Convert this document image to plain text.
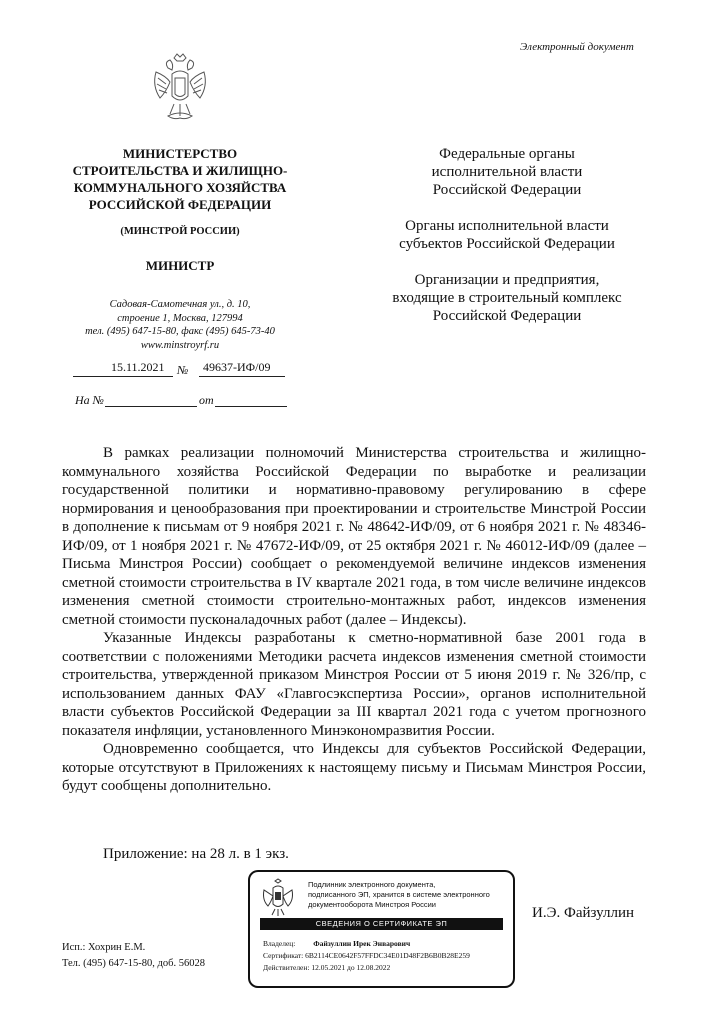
Электронный документ
МИНИСТЕРСТВО
СТРОИТЕЛЬСТВА И ЖИЛИЩНО-
КОММУНАЛЬНОГО ХОЗЯЙСТВА
РОССИЙСКОЙ ФЕДЕРАЦИИ
(МИНСТРОЙ РОССИИ)
МИНИСТР
Садовая-Самотечная ул., д. 10,
строение 1, Москва, 127994
тел. (495) 647-15-80, факс (495) 645-73-40
www.minstroyrf.ru
15.11.2021 № 49637-ИФ/09
На №	от
Федеральные органы
исполнительной власти
Российской Федерации
Органы исполнительной власти
субъектов Российской Федерации
Организации и предприятия,
входящие в строительный комплекс
Российской Федерации

В рамках реализации полномочий Министерства строительства и жилищно-коммунального хозяйства Российской Федерации по выработке и реализации государственной политики и нормативно-правовому регулированию в сфере нормирования и ценообразования при проектировании и строительстве Минстрой России в дополнение к письмам от 9 ноября 2021 г. № 48642-ИФ/09, от 6 ноября 2021 г. № 48346-ИФ/09, от 1 ноября 2021 г. № 47672-ИФ/09, от 25 октября 2021 г. № 46012-ИФ/09 (далее – Письма Минстроя России) сообщает о рекомендуемой величине индексов изменения сметной стоимости строительства в IV квартале 2021 года, в том числе величине индексов изменения сметной стоимости строительно-монтажных работ, индексов изменения сметной стоимости пусконаладочных работ (далее – Индексы).

Указанные Индексы разработаны к сметно-нормативной базе 2001 года в соответствии с положениями Методики расчета индексов изменения сметной стоимости строительства, утвержденной приказом Минстроя России от 5 июня 2019 г. № 326/пр, с использованием данных ФАУ «Главгосэкспертиза России», органов исполнительной власти субъектов Российской Федерации за III квартал 2021 года с учетом прогнозного показателя инфляции, установленного Минэкономразвития России.

Одновременно сообщается, что Индексы для субъектов Российской Федерации, которые отсутствуют в Приложениях к настоящему письму и Письмам Минстроя России, будут сообщены дополнительно.

Приложение: на 28 л. в 1 экз.
Подлинник электронного документа,
подписанного ЭП, хранится в системе электронного
документооборота Минстроя России
СВЕДЕНИЯ О СЕРТИФИКАТЕ ЭП
Владелец: Файзуллин Ирек Энварович
Сертификат: 6B2114CE0642F57FFDC34E01D48F2B6B0B28E259
Действителен: 12.05.2021 до 12.08.2022
И.Э. Файзуллин
Исп.: Хохрин Е.М.
Тел. (495) 647-15-80, доб. 56028
